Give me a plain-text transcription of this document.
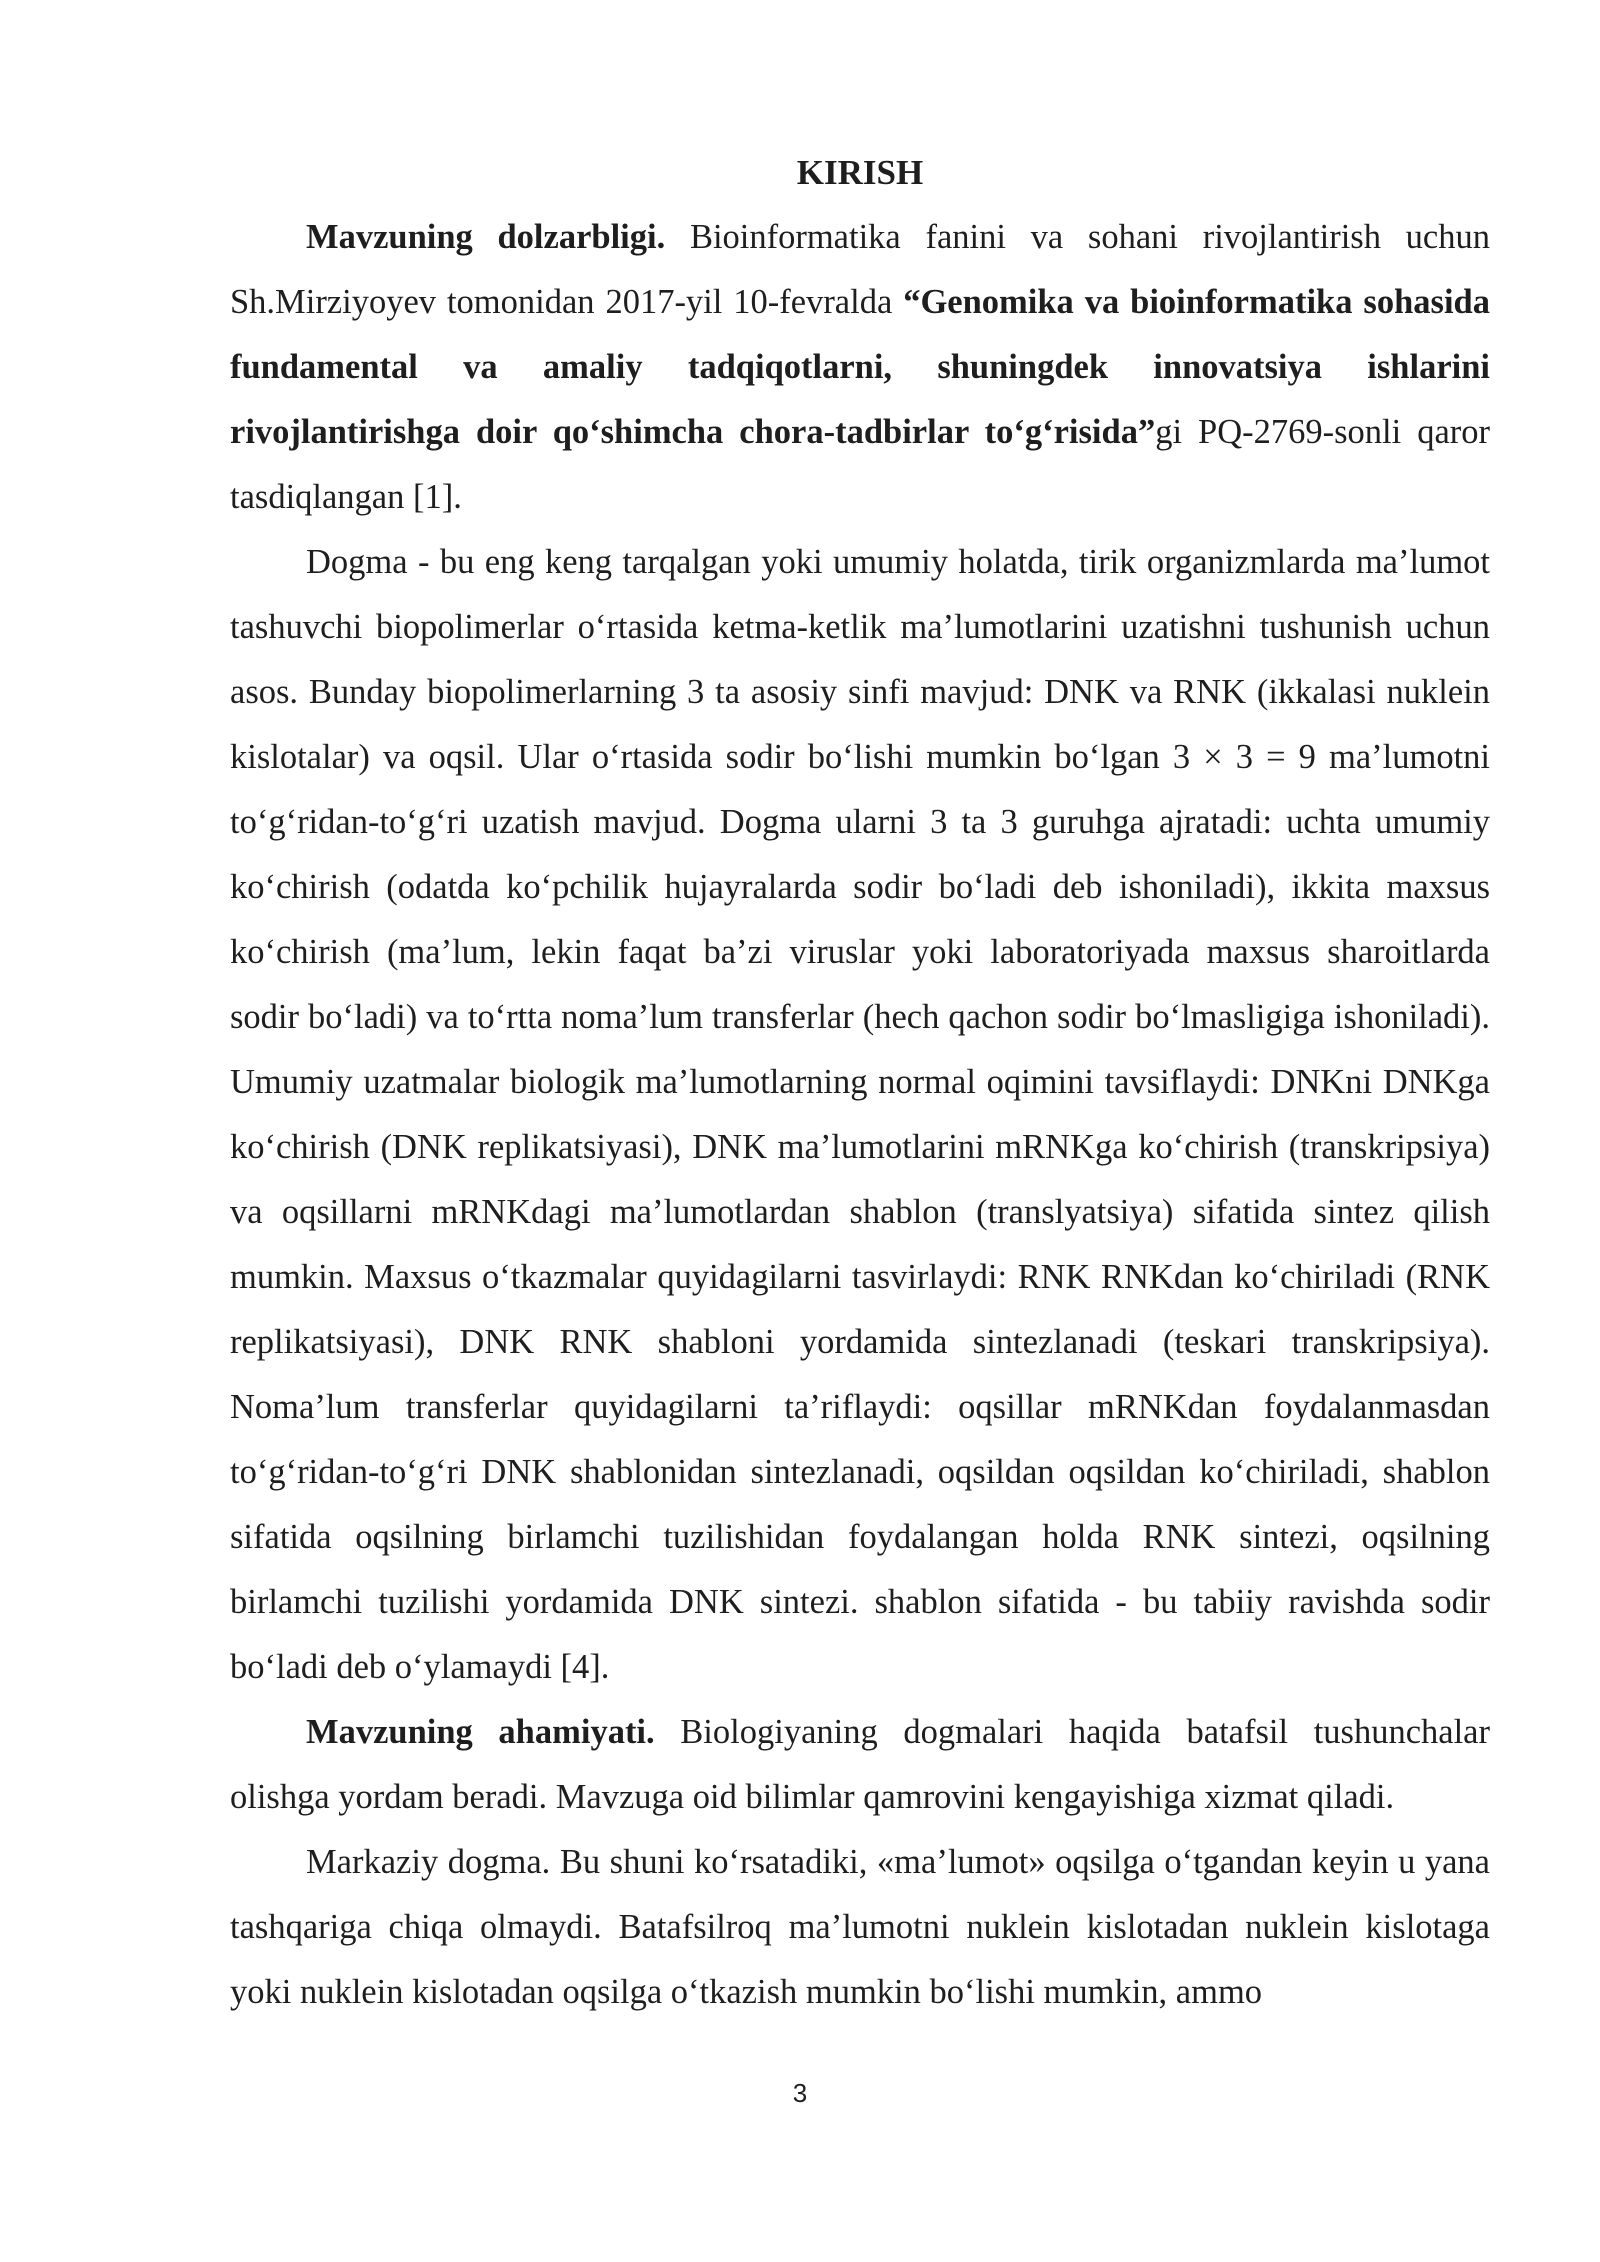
KIRISH

Mavzuning dolzarbligi. Bioinformatika fanini va sohani rivojlantirish uchun Sh.Mirziyoyev tomonidan 2017-yil 10-fevralda “Genomika va bioinformatika sohasida fundamental va amaliy tadqiqotlarni, shuningdek innovatsiya ishlarini rivojlantirishga doir qo‘shimcha chora-tadbirlar to‘g‘risida”gi PQ-2769-sonli qaror tasdiqlangan [1].

Dogma - bu eng keng tarqalgan yoki umumiy holatda, tirik organizmlarda ma’lumot tashuvchi biopolimerlar o‘rtasida ketma-ketlik ma’lumotlarini uzatishni tushunish uchun asos. Bunday biopolimerlarning 3 ta asosiy sinfi mavjud: DNK va RNK (ikkalasi nuklein kislotalar) va oqsil. Ular o‘rtasida sodir bo‘lishi mumkin bo‘lgan 3 × 3 = 9 ma’lumotni to‘g‘ridan-to‘g‘ri uzatish mavjud. Dogma ularni 3 ta 3 guruhga ajratadi: uchta umumiy ko‘chirish (odatda ko‘pchilik hujayralarda sodir bo‘ladi deb ishoniladi), ikkita maxsus ko‘chirish (ma’lum, lekin faqat ba’zi viruslar yoki laboratoriyada maxsus sharoitlarda sodir bo‘ladi) va to‘rtta noma’lum transferlar (hech qachon sodir bo‘lmasligiga ishoniladi). Umumiy uzatmalar biologik ma’lumotlarning normal oqimini tavsiflaydi: DNKni DNKga ko‘chirish (DNK replikatsiyasi), DNK ma’lumotlarini mRNKga ko‘chirish (transkripsiya) va oqsillarni mRNKdagi ma’lumotlardan shablon (translyatsiya) sifatida sintez qilish mumkin. Maxsus o‘tkazmalar quyidagilarni tasvirlaydi: RNK RNKdan ko‘chiriladi (RNK replikatsiyasi), DNK RNK shabloni yordamida sintezlanadi (teskari transkripsiya). Noma’lum transferlar quyidagilarni ta’riflaydi: oqsillar mRNKdan foydalanmasdan to‘g‘ridan-to‘g‘ri DNK shablonidan sintezlanadi, oqsildan oqsildan ko‘chiriladi, shablon sifatida oqsilning birlamchi tuzilishidan foydalangan holda RNK sintezi, oqsilning birlamchi tuzilishi yordamida DNK sintezi. shablon sifatida - bu tabiiy ravishda sodir bo‘ladi deb o‘ylamaydi [4].

Mavzuning ahamiyati. Biologiyaning dogmalari haqida batafsil tushunchalar olishga yordam beradi. Mavzuga oid bilimlar qamrovini kengayishiga xizmat qiladi.

Markaziy dogma. Bu shuni ko‘rsatadiki, «ma’lumot» oqsilga o‘tgandan keyin u yana tashqariga chiqa olmaydi. Batafsilroq ma’lumotni nuklein kislotadan nuklein kislotaga yoki nuklein kislotadan oqsilga o‘tkazish mumkin bo‘lishi mumkin, ammo

3
